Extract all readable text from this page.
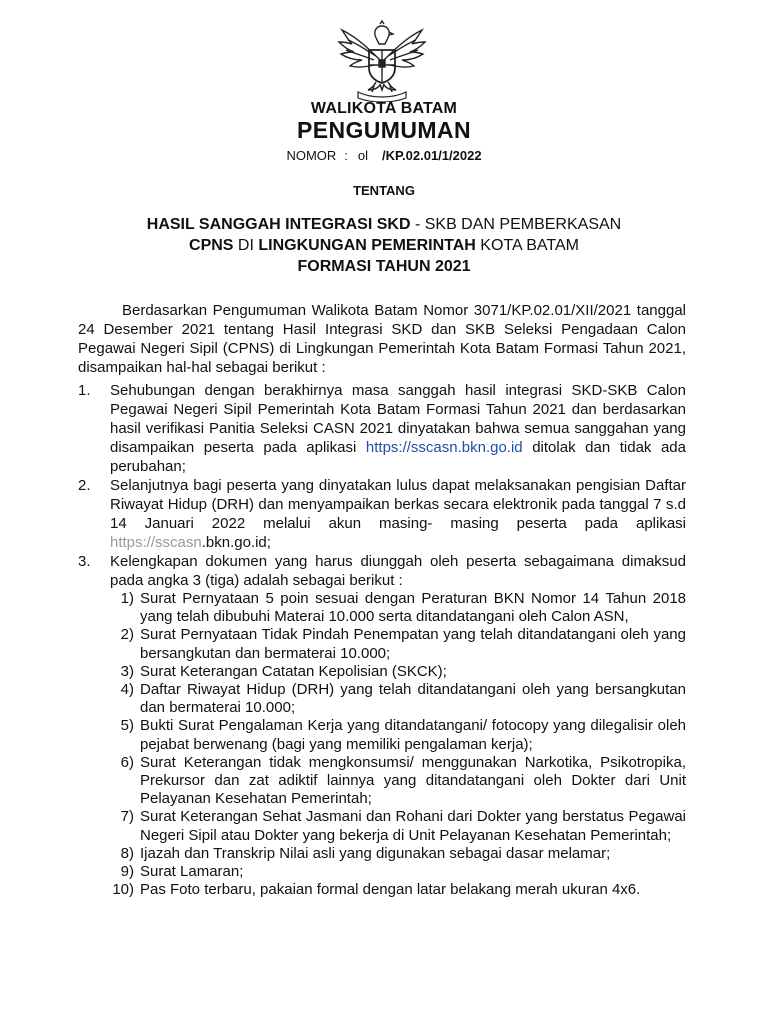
WALIKOTA BATAM
PENGUMUMAN
NOMOR : ol /KP.02.01/1/2022
TENTANG
HASIL SANGGAH INTEGRASI SKD - SKB DAN PEMBERKASAN
CPNS DI LINGKUNGAN PEMERINTAH KOTA BATAM
FORMASI TAHUN 2021
Berdasarkan Pengumuman Walikota Batam Nomor 3071/KP.02.01/XII/2021 tanggal 24 Desember 2021 tentang Hasil Integrasi SKD dan SKB Seleksi Pengadaan Calon Pegawai Negeri Sipil (CPNS) di Lingkungan Pemerintah Kota Batam Formasi Tahun 2021, disampaikan hal-hal sebagai berikut :
1. Sehubungan dengan berakhirnya masa sanggah hasil integrasi SKD-SKB Calon Pegawai Negeri Sipil Pemerintah Kota Batam Formasi Tahun 2021 dan berdasarkan hasil verifikasi Panitia Seleksi CASN 2021 dinyatakan bahwa semua sanggahan yang disampaikan peserta pada aplikasi https://sscasn.bkn.go.id ditolak dan tidak ada perubahan;
2. Selanjutnya bagi peserta yang dinyatakan lulus dapat melaksanakan pengisian Daftar Riwayat Hidup (DRH) dan menyampaikan berkas secara elektronik pada tanggal 7 s.d 14 Januari 2022 melalui akun masing- masing peserta pada aplikasi https://sscasn.bkn.go.id;
3. Kelengkapan dokumen yang harus diunggah oleh peserta sebagaimana dimaksud pada angka 3 (tiga) adalah sebagai berikut :
1) Surat Pernyataan 5 poin sesuai dengan Peraturan BKN Nomor 14 Tahun 2018 yang telah dibubuhi Materai 10.000 serta ditandatangani oleh Calon ASN,
2) Surat Pernyataan Tidak Pindah Penempatan yang telah ditandatangani oleh yang bersangkutan dan bermaterai 10.000;
3) Surat Keterangan Catatan Kepolisian (SKCK);
4) Daftar Riwayat Hidup (DRH) yang telah ditandatangani oleh yang bersangkutan dan bermaterai 10.000;
5) Bukti Surat Pengalaman Kerja yang ditandatangani/ fotocopy yang dilegalisir oleh pejabat berwenang (bagi yang memiliki pengalaman kerja);
6) Surat Keterangan tidak mengkonsumsi/ menggunakan Narkotika, Psikotropika, Prekursor dan zat adiktif lainnya yang ditandatangani oleh Dokter dari Unit Pelayanan Kesehatan Pemerintah;
7) Surat Keterangan Sehat Jasmani dan Rohani dari Dokter yang berstatus Pegawai Negeri Sipil atau Dokter yang bekerja di Unit Pelayanan Kesehatan Pemerintah;
8) Ijazah dan Transkrip Nilai asli yang digunakan sebagai dasar melamar;
9) Surat Lamaran;
10) Pas Foto terbaru, pakaian formal dengan latar belakang merah ukuran 4x6.
